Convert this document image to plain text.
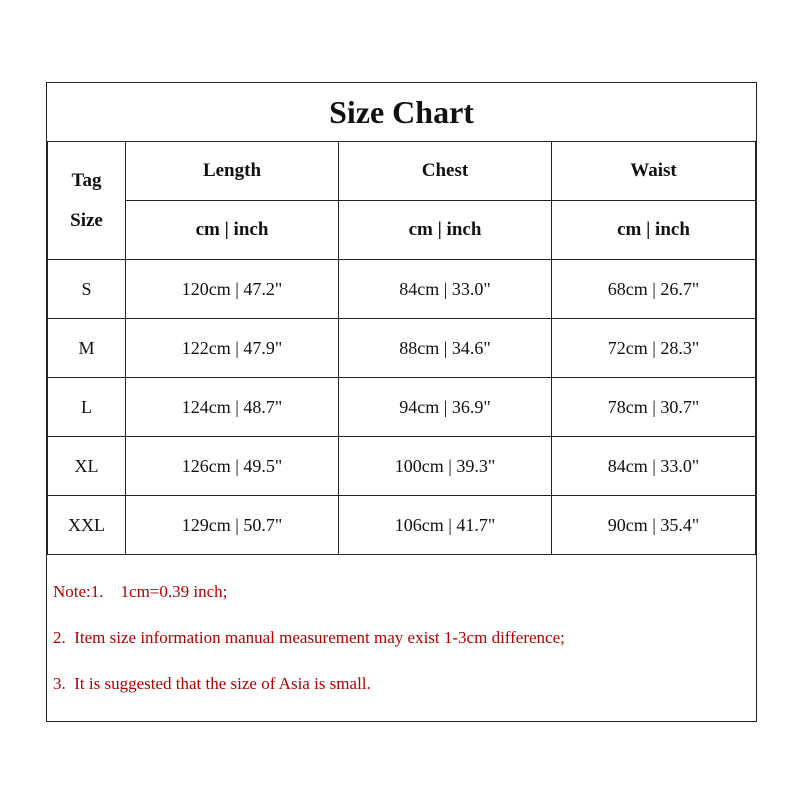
Size Chart			

Tag
Size	Length	Chest	Waist
	cm | inch	cm | inch	cm | inch
S	120cm | 47.2"	84cm | 33.0"	68cm | 26.7"
M	122cm | 47.9"	88cm | 34.6"	72cm | 28.3"
L	124cm | 48.7"	94cm | 36.9"	78cm | 30.7"
XL	126cm | 49.5"	100cm | 39.3"	84cm | 33.0"
XXL	129cm | 50.7"	106cm | 41.7"	90cm | 35.4"
Note:1.    1cm=0.39 inch;
2.  Item size information manual measurement may exist 1-3cm difference;
3.  It is suggested that the size of Asia is small.
